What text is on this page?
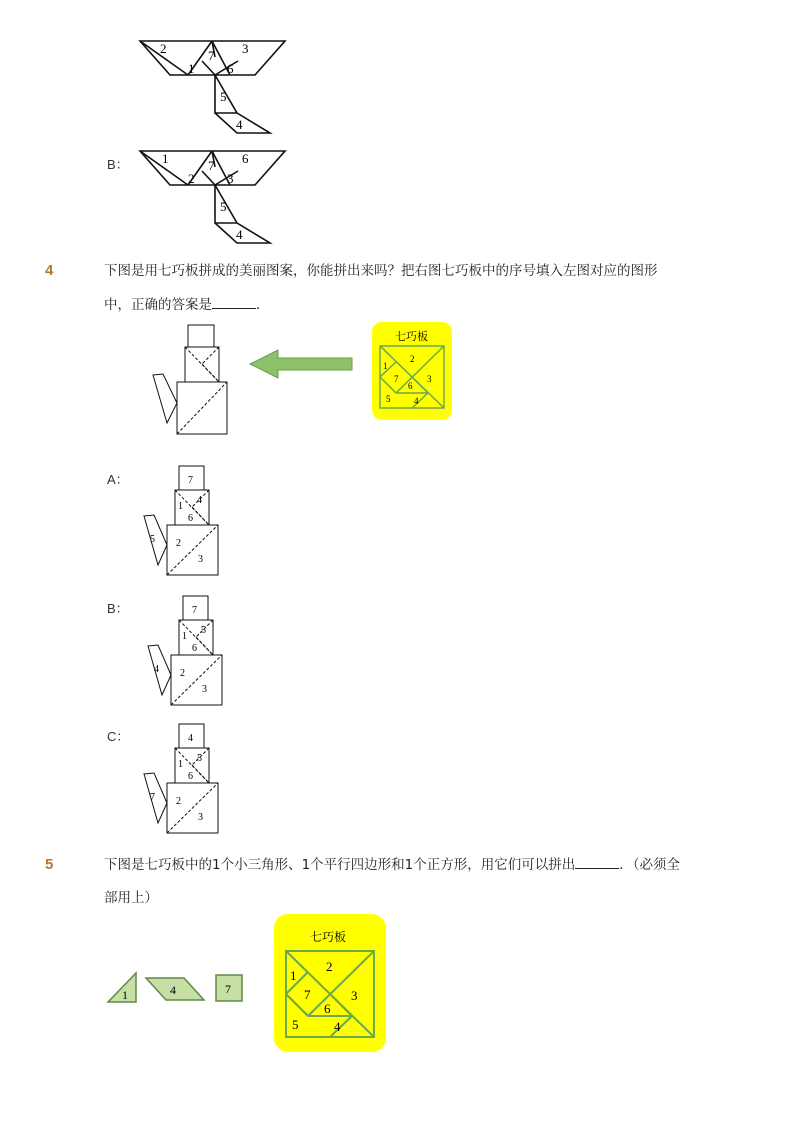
2	7 3
1	6
5
4
B：	1	7 6
2	3
5
4
4	下图是用七巧板拼成的美丽图案，你能拼出来吗？把右图七巧板中的序号填入左图对应的图形
中，正确的答案是	．
七巧板
1
2
7	3
6
5	4
A：	7
4
1
6
5 2
3
B：	7
5
1
6
4 2
3
C：	4
5
1
6
7 2
3
5	下图是七巧板中的1个小三角形、1个平行四边形和1个正方形，用它们可以拼出	．（必须全
部用上）
1	4	7
七巧板
1
2
7	3
6
5	4
